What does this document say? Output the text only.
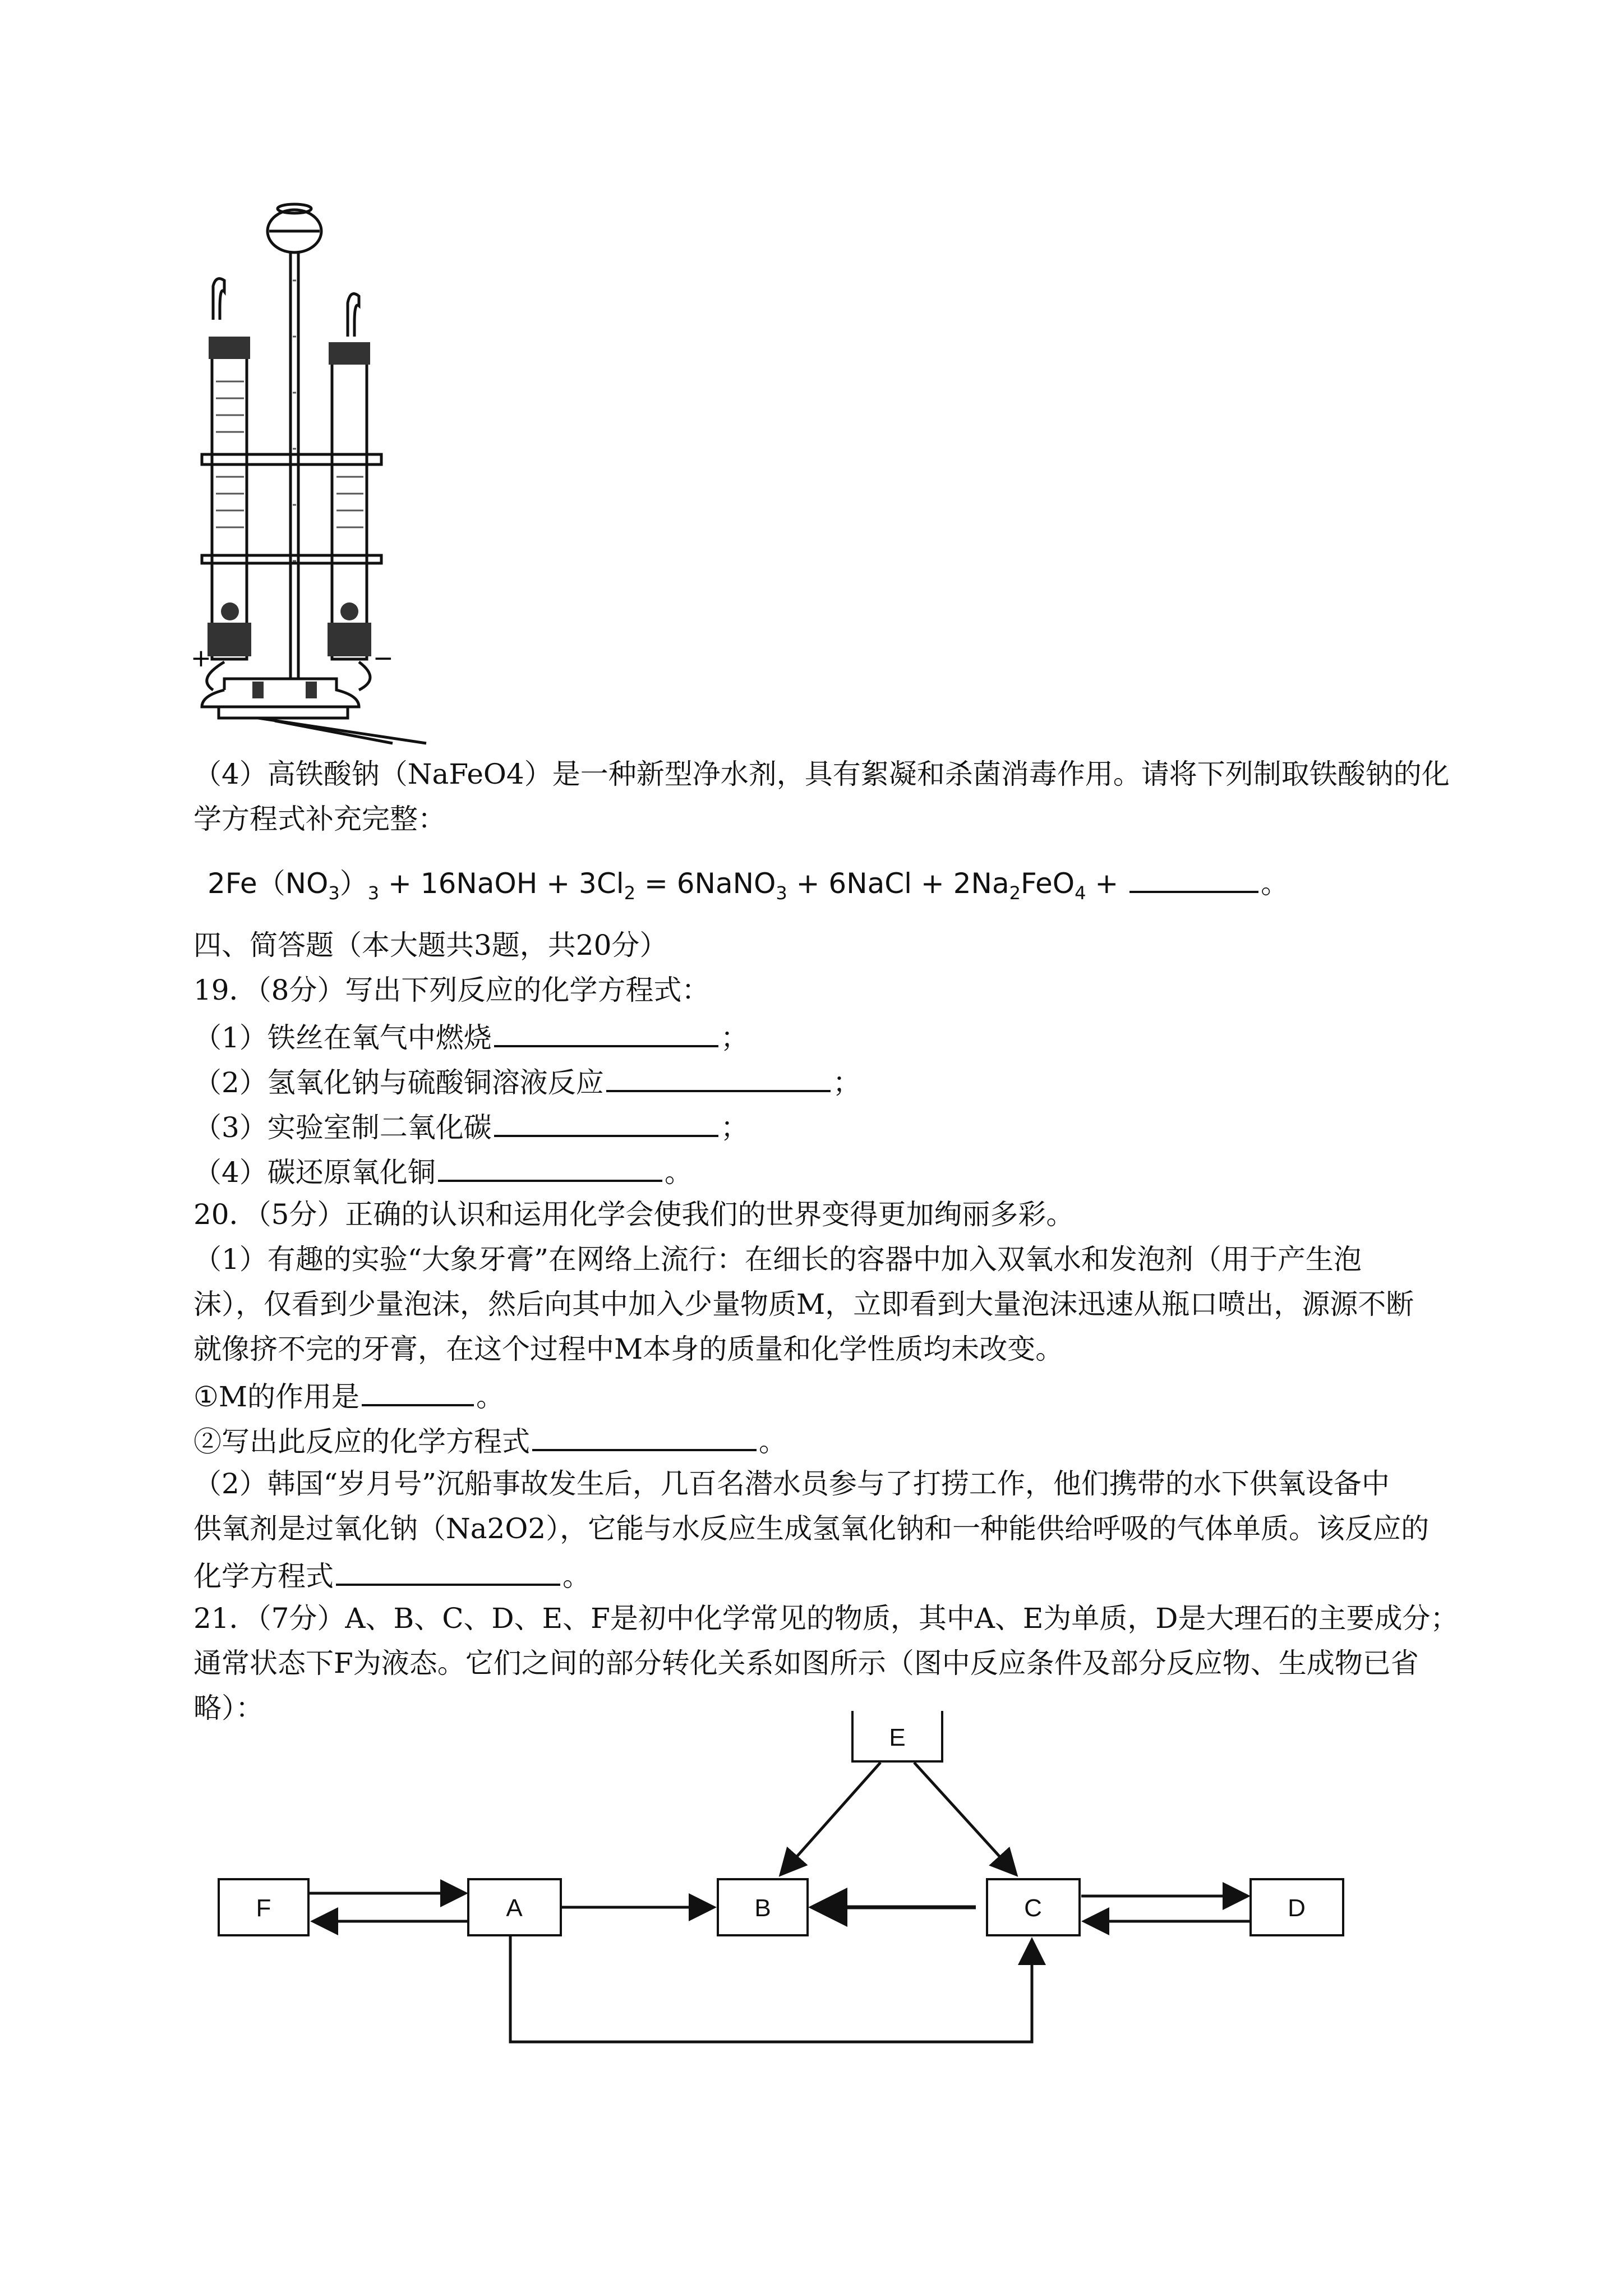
+	−
（4）高铁酸钠（NaFeO4）是一种新型净水剂，具有絮凝和杀菌消毒作用。请将下列制取铁酸钠的化
学方程式补充完整：
$2Fe(NO_3)_3$ + 16NaOH + $3Cl_2$ = 6NaNO$_3$ + 6NaCl + $2Na_2FeO_4$ +	。
四、简答题（本大题共3题，共20分）
19．（8分）写出下列反应的化学方程式：
（1）铁丝在氧气中燃烧	；
（2）氢氧化钠与硫酸铜溶液反应	；
（3）实验室制二氧化碳	；
（4）碳还原氧化铜	。
20．（5分）正确的认识和运用化学会使我们的世界变得更加绚丽多彩。
（1）有趣的实验“大象牙膏”在网络上流行：在细长的容器中加入双氧水和发泡剂（用于产生泡
沫），仅看到少量泡沫，然后向其中加入少量物质M，立即看到大量泡沫迅速从瓶口喷出，源源不断
就像挤不完的牙膏，在这个过程中M本身的质量和化学性质均未改变。
①M的作用是	。
②写出此反应的化学方程式	。
（2）韩国“岁月号”沉船事故发生后，几百名潜水员参与了打捞工作，他们携带的水下供氧设备中
供氧剂是过氧化钠（Na2O2），它能与水反应生成氢氧化钠和一种能供给呼吸的气体单质。该反应的
化学方程式	。
21．（7分）A、B、C、D、E、F是初中化学常见的物质，其中A、E为单质，D是大理石的主要成分；
通常状态下F为液态。它们之间的部分转化关系如图所示（图中反应条件及部分反应物、生成物已省
略）：
E
F	A	B	C	D
